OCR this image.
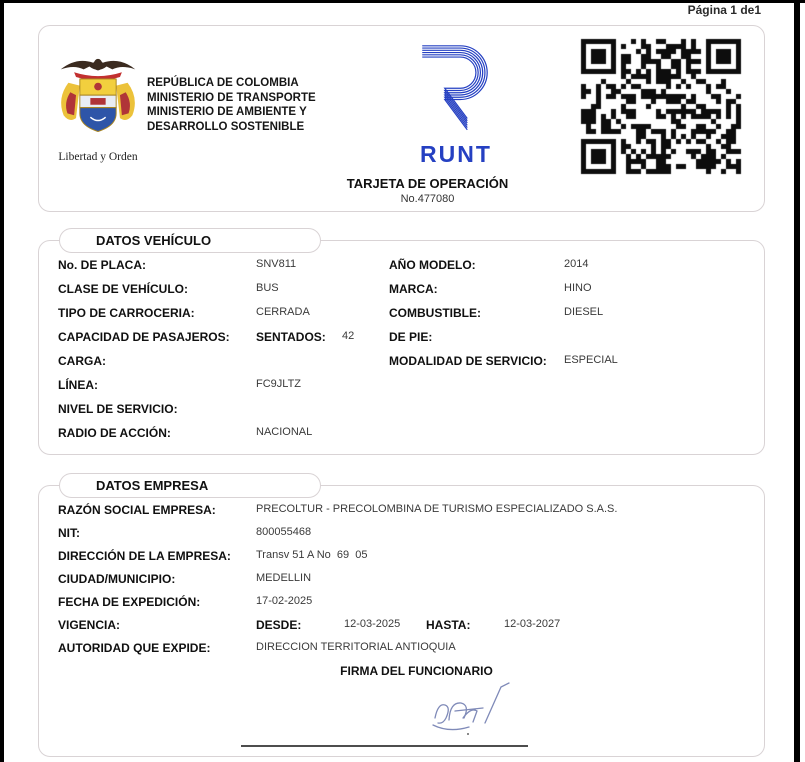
Página 1 de1
Libertad y Orden
REPÚBLICA DE COLOMBIA
MINISTERIO DE TRANSPORTE
MINISTERIO DE AMBIENTE Y
DESARROLLO SOSTENIBLE
RUNT
TARJETA DE OPERACIÓN
No.477080
DATOS VEHÍCULO
No. DE PLACA:	SNV811	AÑO MODELO:	2014
CLASE DE VEHÍCULO:	BUS	MARCA:	HINO
TIPO DE CARROCERIA:	CERRADA	COMBUSTIBLE:	DIESEL
CAPACIDAD DE PASAJEROS: SENTADOS: 42	DE PIE:
CARGA:	MODALIDAD DE SERVICIO: ESPECIAL
LÍNEA:	FC9JLTZ
NIVEL DE SERVICIO:
RADIO DE ACCIÓN:	NACIONAL
DATOS EMPRESA
RAZÓN SOCIAL EMPRESA:	PRECOLTUR - PRECOLOMBINA DE TURISMO ESPECIALIZADO S.A.S.
NIT:	800055468
DIRECCIÓN DE LA EMPRESA: Transv 51 A No  69  05
CIUDAD/MUNICIPIO:	MEDELLIN
FECHA DE EXPEDICIÓN:	17-02-2025
VIGENCIA:	DESDE:	12-03-2025 HASTA:	12-03-2027
AUTORIDAD QUE EXPIDE:	DIRECCION TERRITORIAL ANTIOQUIA
FIRMA DEL FUNCIONARIO
